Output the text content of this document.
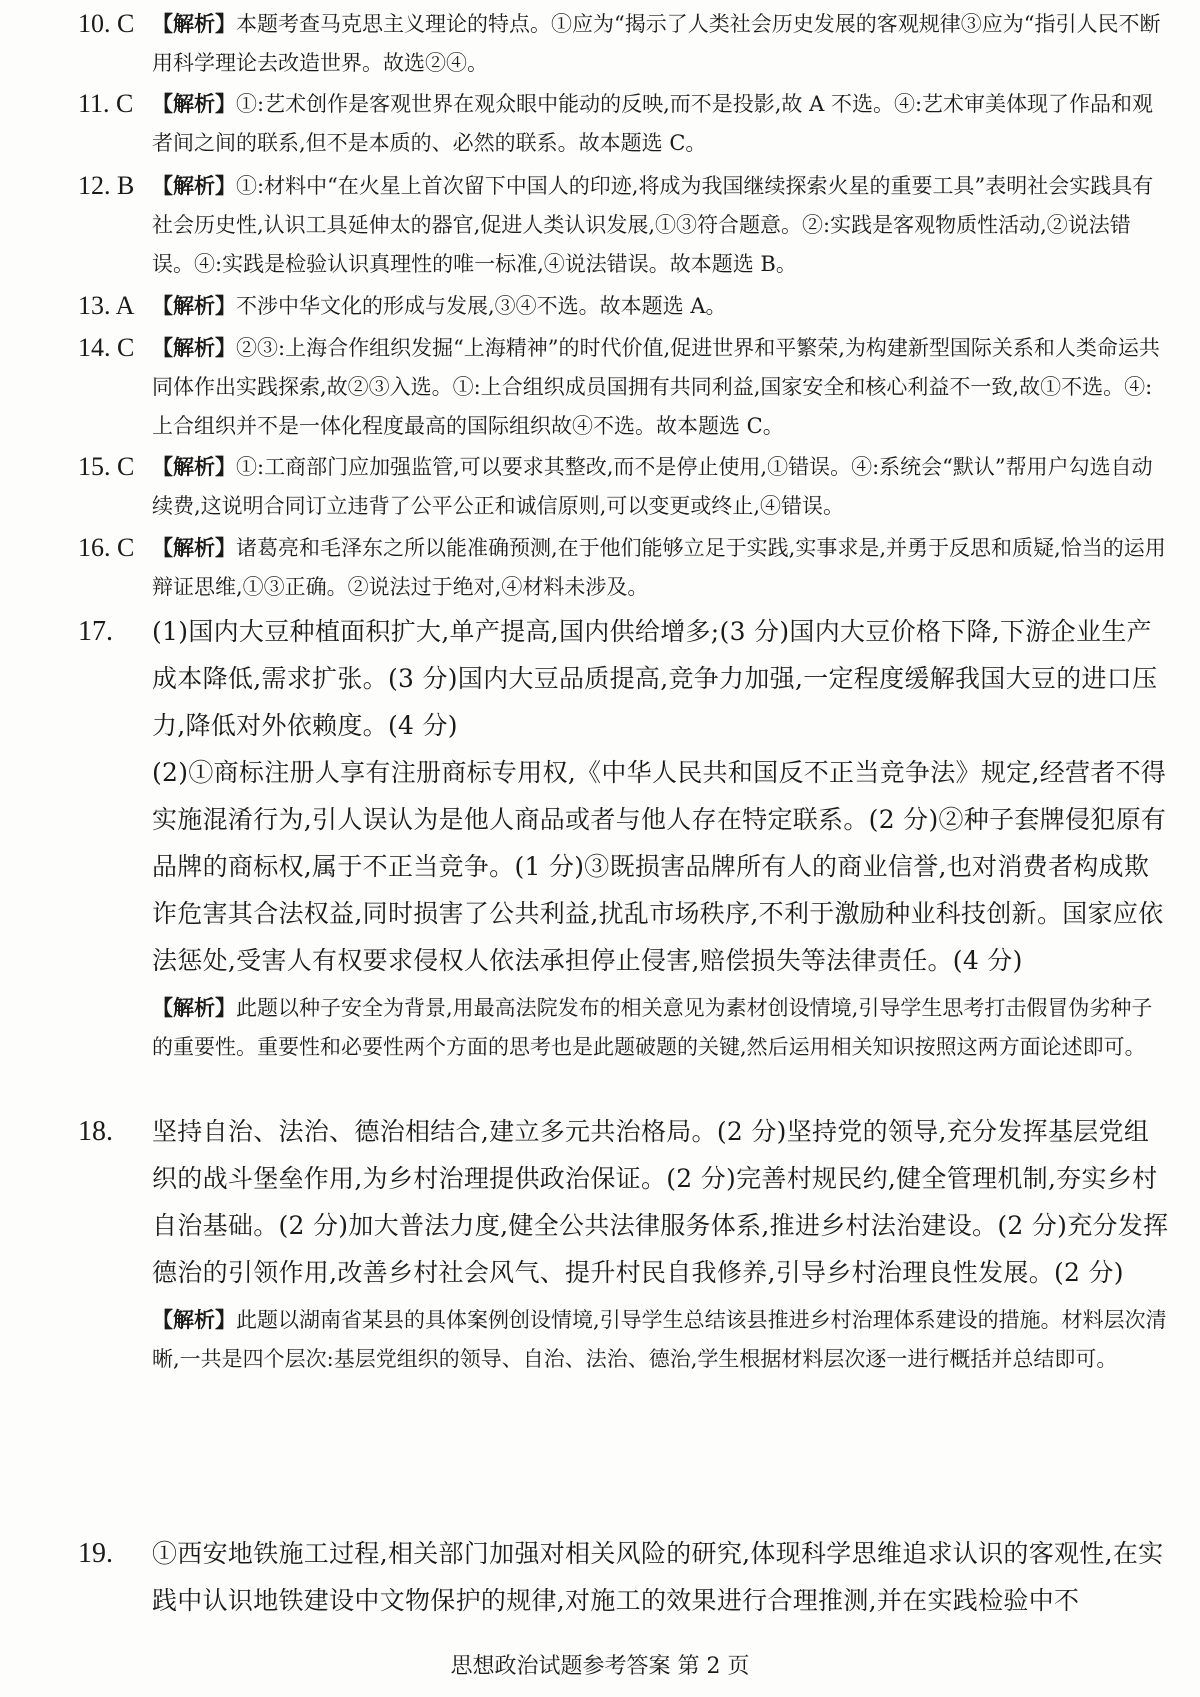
10. C 【解析】本题考查马克思主义理论的特点。①应为“揭示了人类社会历史发展的客观规律③应为“指引人民不断用科学理论去改造世界。故选②④。
11. C 【解析】①:艺术创作是客观世界在观众眼中能动的反映,而不是投影,故 A 不选。④:艺术审美体现了作品和观者间之间的联系,但不是本质的、必然的联系。故本题选 C。
12. B 【解析】①:材料中“在火星上首次留下中国人的印迹,将成为我国继续探索火星的重要工具”表明社会实践具有社会历史性,认识工具延伸太的器官,促进人类认识发展,①③符合题意。②:实践是客观物质性活动,②说法错误。④:实践是检验认识真理性的唯一标准,④说法错误。故本题选 B。
13. A 【解析】不涉中华文化的形成与发展,③④不选。故本题选 A。
14. C 【解析】②③:上海合作组织发掘“上海精神”的时代价值,促进世界和平繁荣,为构建新型国际关系和人类命运共同体作出实践探索,故②③入选。①:上合组织成员国拥有共同利益,国家安全和核心利益不一致,故①不选。④:上合组织并不是一体化程度最高的国际组织故④不选。故本题选 C。
15. C 【解析】①:工商部门应加强监管,可以要求其整改,而不是停止使用,①错误。④:系统会“默认”帮用户勾选自动续费,这说明合同订立违背了公平公正和诚信原则,可以变更或终止,④错误。
16. C 【解析】诸葛亮和毛泽东之所以能准确预测,在于他们能够立足于实践,实事求是,并勇于反思和质疑,恰当的运用辩证思维,①③正确。②说法过于绝对,④材料未涉及。
17.	(1)国内大豆种植面积扩大,单产提高,国内供给增多;(3 分)国内大豆价格下降,下游企业生产成本降低,需求扩张。(3 分)国内大豆品质提高,竞争力加强,一定程度缓解我国大豆的进口压力,降低对外依赖度。(4 分)
(2)①商标注册人享有注册商标专用权,《中华人民共和国反不正当竞争法》规定,经营者不得实施混淆行为,引人误认为是他人商品或者与他人存在特定联系。(2 分)②种子套牌侵犯原有品牌的商标权,属于不正当竞争。(1 分)③既损害品牌所有人的商业信誉,也对消费者构成欺诈危害其合法权益,同时损害了公共利益,扰乱市场秩序,不利于激励种业科技创新。国家应依法惩处,受害人有权要求侵权人依法承担停止侵害,赔偿损失等法律责任。(4 分)
【解析】此题以种子安全为背景,用最高法院发布的相关意见为素材创设情境,引导学生思考打击假冒伪劣种子的重要性。重要性和必要性两个方面的思考也是此题破题的关键,然后运用相关知识按照这两方面论述即可。
18.	坚持自治、法治、德治相结合,建立多元共治格局。(2 分)坚持党的领导,充分发挥基层党组织的战斗堡垒作用,为乡村治理提供政治保证。(2 分)完善村规民约,健全管理机制,夯实乡村自治基础。(2 分)加大普法力度,健全公共法律服务体系,推进乡村法治建设。(2 分)充分发挥德治的引领作用,改善乡村社会风气、提升村民自我修养,引导乡村治理良性发展。(2 分)
【解析】此题以湖南省某县的具体案例创设情境,引导学生总结该县推进乡村治理体系建设的措施。材料层次清晰,一共是四个层次:基层党组织的领导、自治、法治、德治,学生根据材料层次逐一进行概括并总结即可。
19.	①西安地铁施工过程,相关部门加强对相关风险的研究,体现科学思维追求认识的客观性,在实践中认识地铁建设中文物保护的规律,对施工的效果进行合理推测,并在实践检验中不
思想政治试题参考答案 第 2 页
